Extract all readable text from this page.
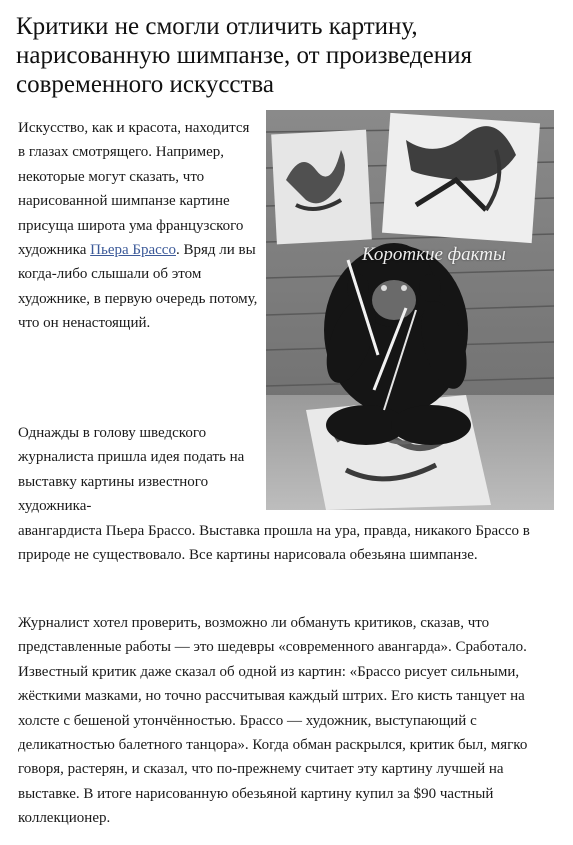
Критики не смогли отличить картину, нарисованную шимпанзе, от произведения современного искусства
Короткие факты

Искусство, как и красота, находится в глазах смотрящего. Например, некоторые могут сказать, что нарисованной шимпанзе картине присуща широта ума французского художника Пьера Брассо. Вряд ли вы когда-либо слышали об этом художнике, в первую очередь потому, что он ненастоящий.

Однажды в голову шведского журналиста пришла идея подать на выставку картины известного художника-
авангардиста Пьера Брассо. Выставка прошла на ура, правда, никакого Брассо в природе не существовало. Все картины нарисовала обезьяна шимпанзе.

Журналист хотел проверить, возможно ли обмануть критиков, сказав, что представленные работы — это шедевры «современного авангарда». Сработало. Известный критик даже сказал об одной из картин: «Брассо рисует сильными, жёсткими мазками, но точно рассчитывая каждый штрих. Его кисть танцует на холсте с бешеной утончённостью. Брассо — художник, выступающий с деликатностью балетного танцора». Когда обман раскрылся, критик был, мягко говоря, растерян, и сказал, что по-прежнему считает эту картину лучшей на выставке. В итоге нарисованную обезьяной картину купил за $90 частный коллекционер.
